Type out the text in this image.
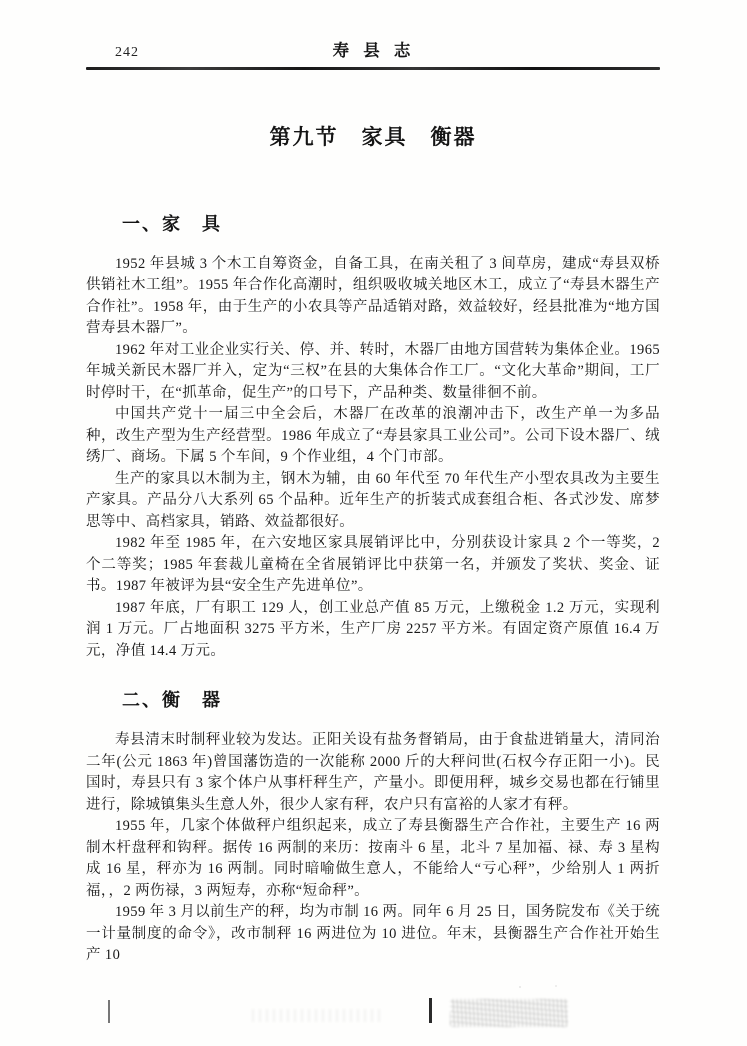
242	寿 县 志
第九节　家具　衡器
一、家　具

1952 年县城 3 个木工自筹资金，自备工具，在南关租了 3 间草房，建成“寿县双桥供销社木工组”。1955 年合作化高潮时，组织吸收城关地区木工，成立了“寿县木器生产合作社”。1958 年，由于生产的小农具等产品适销对路，效益较好，经县批准为“地方国营寿县木器厂”。

1962 年对工业企业实行关、停、并、转时，木器厂由地方国营转为集体企业。1965 年城关新民木器厂并入，定为“三权”在县的大集体合作工厂。“文化大革命”期间，工厂时停时干，在“抓革命，促生产”的口号下，产品种类、数量徘徊不前。

中国共产党十一届三中全会后，木器厂在改革的浪潮冲击下，改生产单一为多品种，改生产型为生产经营型。1986 年成立了“寿县家具工业公司”。公司下设木器厂、绒绣厂、商场。下属 5 个车间，9 个作业组，4 个门市部。

生产的家具以木制为主，钢木为辅，由 60 年代至 70 年代生产小型农具改为主要生产家具。产品分八大系列 65 个品种。近年生产的折装式成套组合柜、各式沙发、席梦思等中、高档家具，销路、效益都很好。

1982 年至 1985 年，在六安地区家具展销评比中，分别获设计家具 2 个一等奖，2 个二等奖；1985 年套裁儿童椅在全省展销评比中获第一名，并颁发了奖状、奖金、证书。1987 年被评为县“安全生产先进单位”。

1987 年底，厂有职工 129 人，创工业总产值 85 万元，上缴税金 1.2 万元，实现利润 1 万元。厂占地面积 3275 平方米，生产厂房 2257 平方米。有固定资产原值 16.4 万元，净值 14.4 万元。

二、衡　器

寿县清末时制秤业较为发达。正阳关设有盐务督销局，由于食盐进销量大，清同治二年(公元 1863 年)曾国藩饬造的一次能称 2000 斤的大秤问世(石权今存正阳一小)。民国时，寿县只有 3 家个体户从事杆秤生产，产量小。即便用秤，城乡交易也都在行铺里进行，除城镇集头生意人外，很少人家有秤，农户只有富裕的人家才有秤。

1955 年，几家个体做秤户组织起来，成立了寿县衡器生产合作社，主要生产 16 两制木杆盘秤和钩秤。据传 16 两制的来历：按南斗 6 星，北斗 7 星加福、禄、寿 3 星构成 16 星，秤亦为 16 两制。同时暗喻做生意人，不能给人“亏心秤”，少给别人 1 两折福，，2 两伤禄，3 两短寿，亦称“短命秤”。

1959 年 3 月以前生产的秤，均为市制 16 两。同年 6 月 25 日，国务院发布《关于统一计量制度的命令》，改市制秤 16 两进位为 10 进位。年末，县衡器生产合作社开始生产 10
